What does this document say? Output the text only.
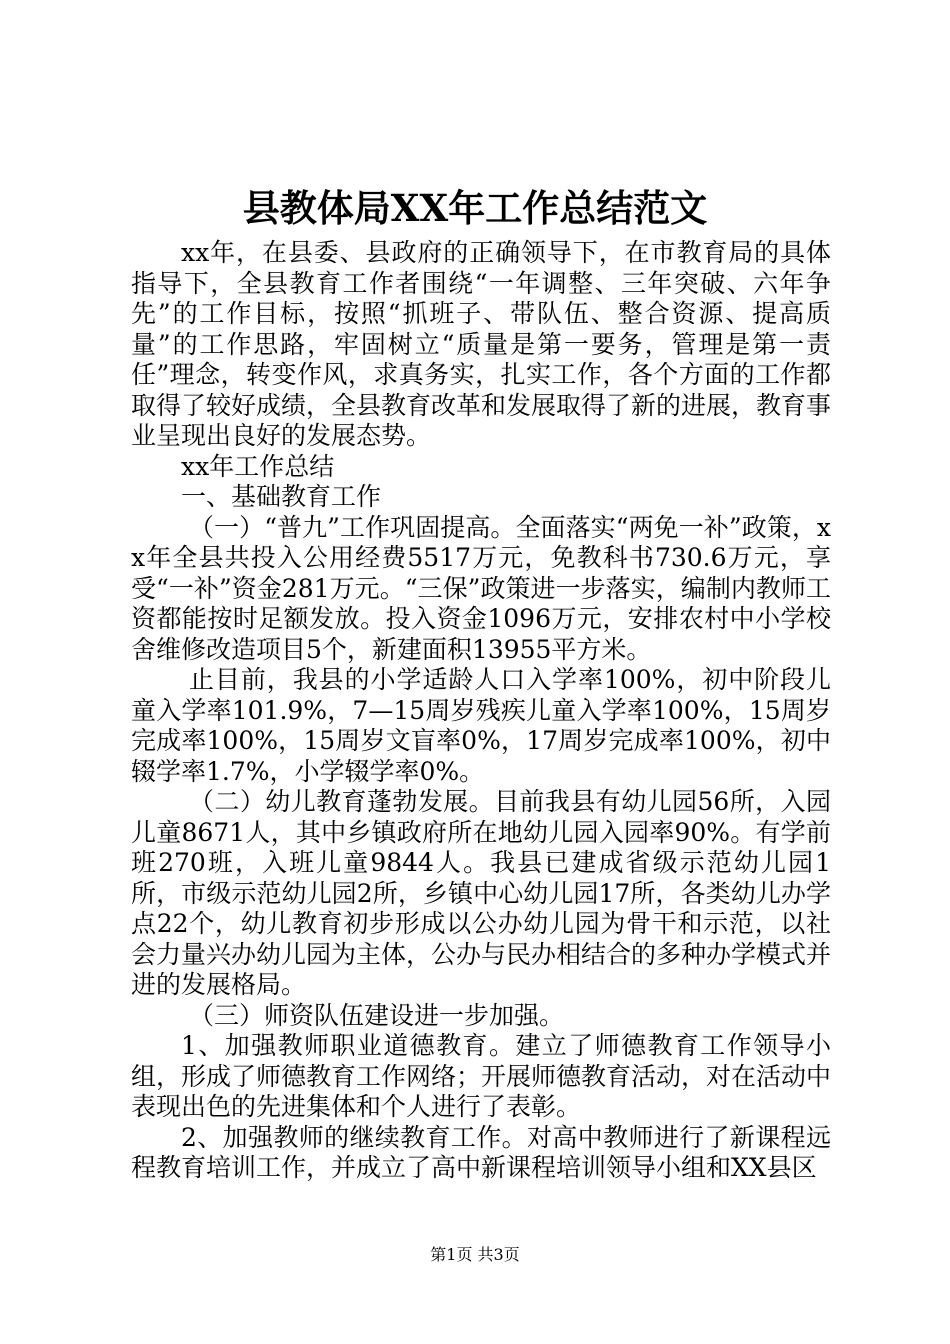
县教体局XX年工作总结范文

xx年，在县委、县政府的正确领导下，在市教育局的具体指导下，全县教育工作者围绕“一年调整、三年突破、六年争先”的工作目标，按照“抓班子、带队伍、整合资源、提高质量”的工作思路，牢固树立“质量是第一要务，管理是第一责任”理念，转变作风，求真务实，扎实工作，各个方面的工作都取得了较好成绩，全县教育改革和发展取得了新的进展，教育事业呈现出良好的发展态势。

xx年工作总结

一、基础教育工作

（一）“普九”工作巩固提高。全面落实“两免一补”政策，xx年全县共投入公用经费5517万元，免教科书730.6万元，享受“一补”资金281万元。“三保”政策进一步落实，编制内教师工资都能按时足额发放。投入资金1096万元，安排农村中小学校舍维修改造项目5个，新建面积13955平方米。

止目前，我县的小学适龄人口入学率100%，初中阶段儿童入学率101.9%，7—15周岁残疾儿童入学率100%，15周岁完成率100%，15周岁文盲率0%，17周岁完成率100%，初中辍学率1.7%，小学辍学率0%。

（二）幼儿教育蓬勃发展。目前我县有幼儿园56所，入园儿童8671人，其中乡镇政府所在地幼儿园入园率90%。有学前班270班，入班儿童9844人。我县已建成省级示范幼儿园1所，市级示范幼儿园2所，乡镇中心幼儿园17所，各类幼儿办学点22个，幼儿教育初步形成以公办幼儿园为骨干和示范，以社会力量兴办幼儿园为主体，公办与民办相结合的多种办学模式并进的发展格局。

（三）师资队伍建设进一步加强。

1、加强教师职业道德教育。建立了师德教育工作领导小组，形成了师德教育工作网络；开展师德教育活动，对在活动中表现出色的先进集体和个人进行了表彰。

2、加强教师的继续教育工作。对高中教师进行了新课程远程教育培训工作，并成立了高中新课程培训领导小组和XX县区

第1页 共3页
